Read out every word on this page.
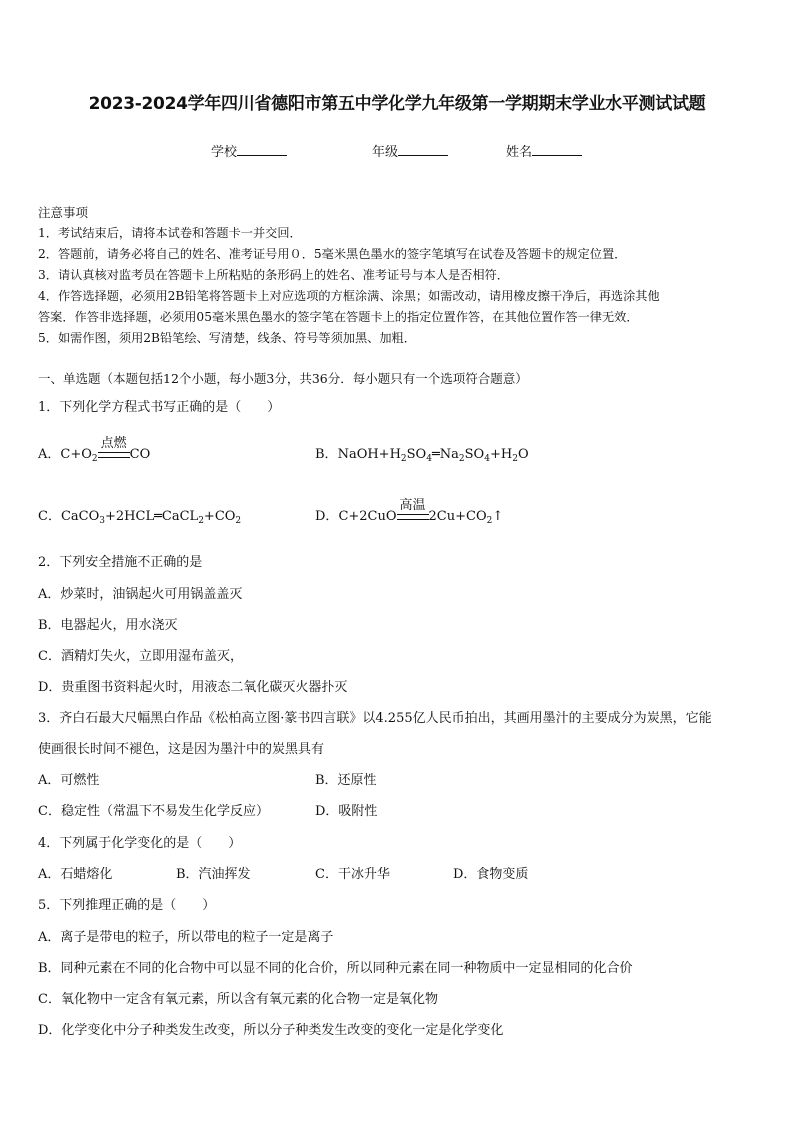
2023-2024学年四川省德阳市第五中学化学九年级第一学期期末学业水平测试试题
学校	年级	姓名
注意事项
1．考试结束后，请将本试卷和答题卡一并交回．
2．答题前，请务必将自己的姓名、准考证号用０．5毫米黑色墨水的签字笔填写在试卷及答题卡的规定位置．
3．请认真核对监考员在答题卡上所粘贴的条形码上的姓名、准考证号与本人是否相符．
4．作答选择题，必须用2B铅笔将答题卡上对应选项的方框涂满、涂黑；如需改动，请用橡皮擦干净后，再选涂其他
答案．作答非选择题，必须用05毫米黑色墨水的签字笔在答题卡上的指定位置作答，在其他位置作答一律无效．
5．如需作图，须用2B铅笔绘、写清楚，线条、符号等须加黑、加粗．
一、单选题（本题包括12个小题，每小题3分，共36分．每小题只有一个选项符合题意）
1．下列化学方程式书写正确的是（　　）
A．$C+O_2$
点燃
CO	B．$NaOH+H_2SO_4═Na_2SO_4+H_2O$
C．$CaCO_3+2HCL═CaCL_2+CO_2$	D．C+2CuO
高温
$2Cu+CO_2↑$
2．下列安全措施不正确的是
A．炒菜时，油锅起火可用锅盖盖灭
B．电器起火，用水浇灭
C．酒精灯失火，立即用湿布盖灭，
D．贵重图书资料起火时，用液态二氧化碳灭火器扑灭
3．齐白石最大尺幅黑白作品《松柏高立图·篆书四言联》以4.255亿人民币拍出，其画用墨汁的主要成分为炭黑，它能
使画很长时间不褪色，这是因为墨汁中的炭黑具有
A．可燃性	B．还原性
C．稳定性（常温下不易发生化学反应）	D．吸附性
4．下列属于化学变化的是（　　）
A．石蜡熔化	B．汽油挥发	C．干冰升华	D．食物变质
5．下列推理正确的是（　　）
A．离子是带电的粒子，所以带电的粒子一定是离子
B．同种元素在不同的化合物中可以显不同的化合价，所以同种元素在同一种物质中一定显相同的化合价
C．氧化物中一定含有氧元素，所以含有氧元素的化合物一定是氧化物
D．化学变化中分子种类发生改变，所以分子种类发生改变的变化一定是化学变化
